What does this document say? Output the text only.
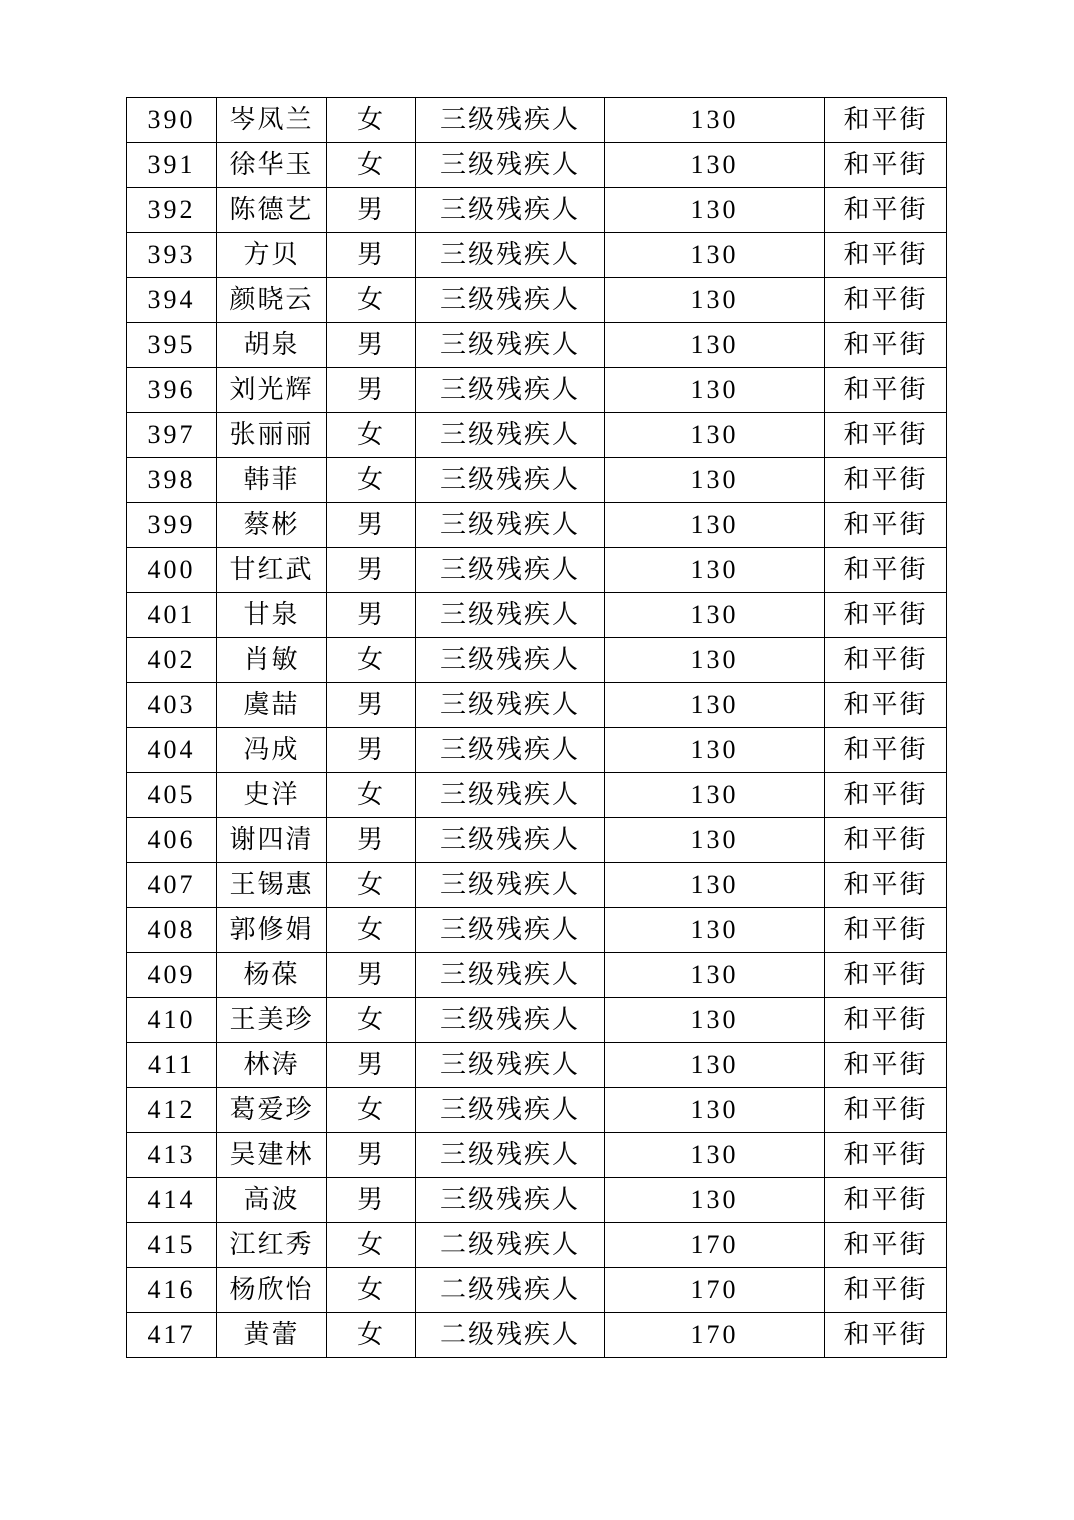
390	岑凤兰	女	三级残疾人	130	和平街
391	徐华玉	女	三级残疾人	130	和平街
392	陈德艺	男	三级残疾人	130	和平街
393	方贝	男	三级残疾人	130	和平街
394	颜晓云	女	三级残疾人	130	和平街
395	胡泉	男	三级残疾人	130	和平街
396	刘光辉	男	三级残疾人	130	和平街
397	张丽丽	女	三级残疾人	130	和平街
398	韩菲	女	三级残疾人	130	和平街
399	蔡彬	男	三级残疾人	130	和平街
400	甘红武	男	三级残疾人	130	和平街
401	甘泉	男	三级残疾人	130	和平街
402	肖敏	女	三级残疾人	130	和平街
403	虞喆	男	三级残疾人	130	和平街
404	冯成	男	三级残疾人	130	和平街
405	史洋	女	三级残疾人	130	和平街
406	谢四清	男	三级残疾人	130	和平街
407	王锡惠	女	三级残疾人	130	和平街
408	郭修娟	女	三级残疾人	130	和平街
409	杨葆	男	三级残疾人	130	和平街
410	王美珍	女	三级残疾人	130	和平街
411	林涛	男	三级残疾人	130	和平街
412	葛爱珍	女	三级残疾人	130	和平街
413	吴建林	男	三级残疾人	130	和平街
414	高波	男	三级残疾人	130	和平街
415	江红秀	女	二级残疾人	170	和平街
416	杨欣怡	女	二级残疾人	170	和平街
417	黄蕾	女	二级残疾人	170	和平街
